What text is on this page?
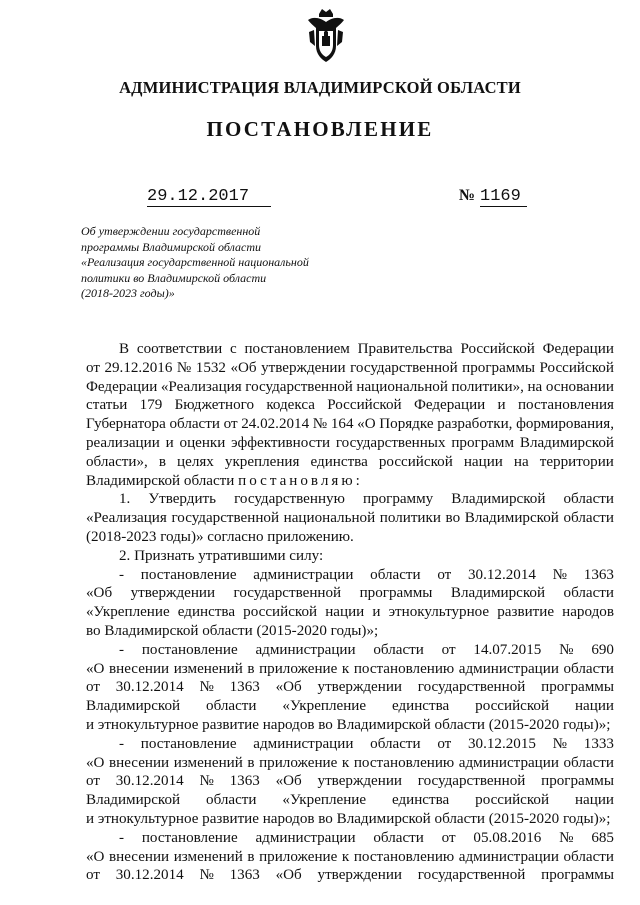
АДМИНИСТРАЦИЯ ВЛАДИМИРСКОЙ ОБЛАСТИ
ПОСТАНОВЛЕНИЕ
29.12.2017	№ 1169
Об утверждении государственной
программы Владимирской области
«Реализация государственной национальной
политики во Владимирской области
(2018-2023 годы)»
В соответствии с постановлением Правительства Российской Федерации
от 29.12.2016 № 1532 «Об утверждении государственной программы Российской
Федерации «Реализация государственной национальной политики», на основании
статьи 179 Бюджетного кодекса Российской Федерации и постановления
Губернатора области от 24.02.2014 № 164 «О Порядке разработки, формирования,
реализации и оценки эффективности государственных программ Владимирской
области», в целях укрепления единства российской нации на территории
Владимирской области постановляю:
1. Утвердить государственную программу Владимирской области
«Реализация государственной национальной политики во Владимирской области
(2018-2023 годы)» согласно приложению.
2. Признать утратившими силу:
- постановление администрации области от 30.12.2014 № 1363
«Об утверждении государственной программы Владимирской области
«Укрепление единства российской нации и этнокультурное развитие народов
во Владимирской области (2015-2020 годы)»;
- постановление администрации области от 14.07.2015 № 690
«О внесении изменений в приложение к постановлению администрации области
от 30.12.2014 № 1363 «Об утверждении государственной программы
Владимирской области «Укрепление единства российской нации
и этнокультурное развитие народов во Владимирской области (2015-2020 годы)»;
- постановление администрации области от 30.12.2015 № 1333
«О внесении изменений в приложение к постановлению администрации области
от 30.12.2014 № 1363 «Об утверждении государственной программы
Владимирской области «Укрепление единства российской нации
и этнокультурное развитие народов во Владимирской области (2015-2020 годы)»;
- постановление администрации области от 05.08.2016 № 685
«О внесении изменений в приложение к постановлению администрации области
от 30.12.2014 № 1363 «Об утверждении государственной программы
